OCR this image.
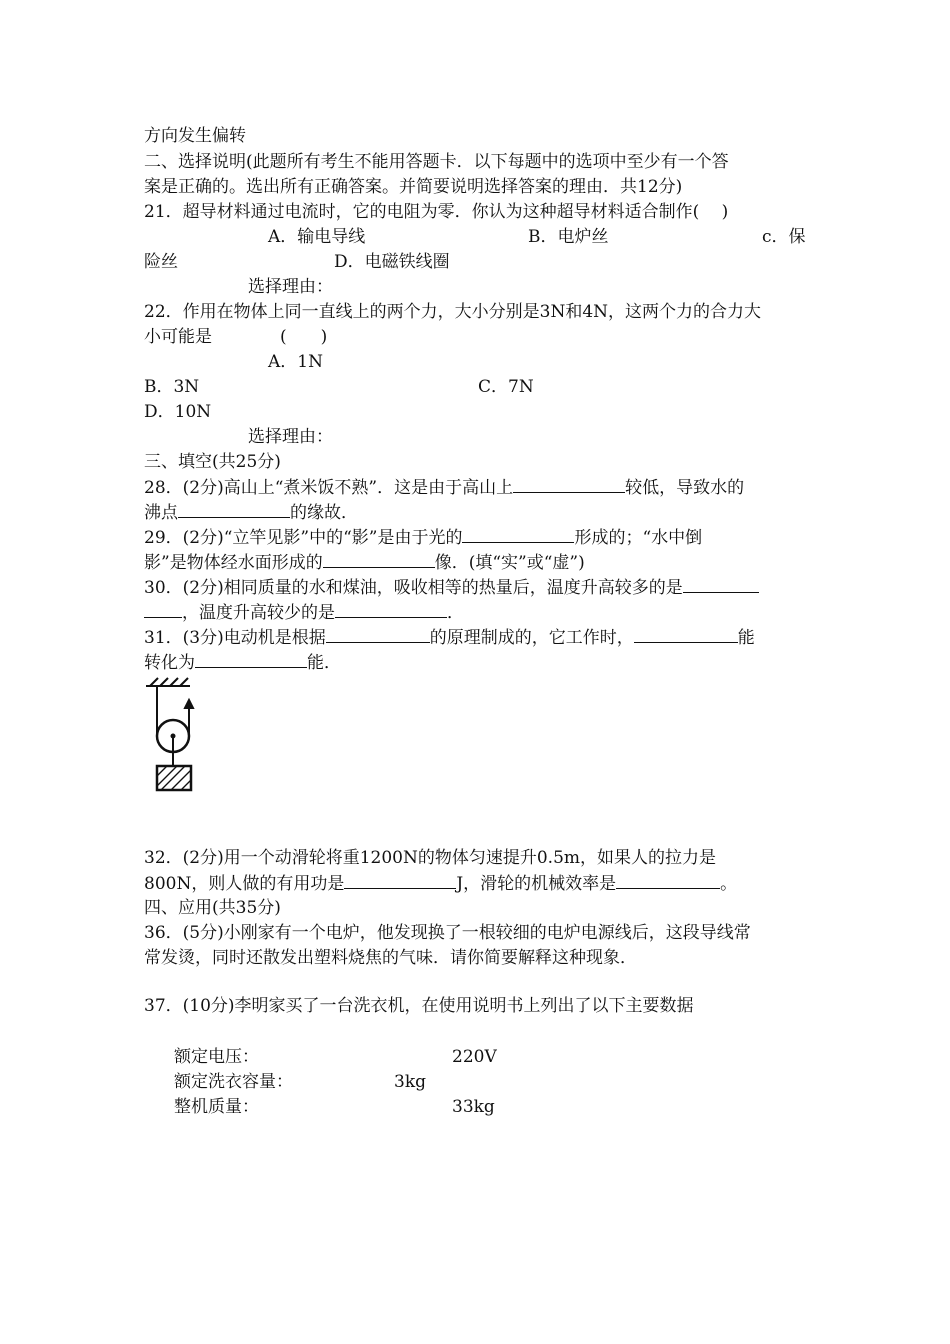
方向发生偏转
二、选择说明(此题所有考生不能用答题卡．以下每题中的选项中至少有一个答
案是正确的。选出所有正确答案。并简要说明选择答案的理由．共12分)
21．超导材料通过电流时，它的电阻为零．你认为这种超导材料适合制作(　 )
A．输电导线	B．电炉丝	c．保
险丝	D．电磁铁线圈
选择理由：
22．作用在物体上同一直线上的两个力，大小分别是3N和4N，这两个力的合力大
小可能是　　　　(　　)
A．1N
B．3N	C．7N
D．10N
选择理由：
三、填空(共25分)
28．(2分)高山上“煮米饭不熟”．这是由于高山上	较低，导致水的
沸点	的缘故．
29．(2分)“立竿见影”中的“影”是由于光的	形成的；“水中倒
影”是物体经水面形成的	像．(填“实”或“虚”)
30．(2分)相同质量的水和煤油，吸收相等的热量后，温度升高较多的是
，温度升高较少的是	．
31．(3分)电动机是根据	的原理制成的，它工作时，	能
转化为	能．
32．(2分)用一个动滑轮将重1200N的物体匀速提升0.5m，如果人的拉力是
800N，则人做的有用功是	J，滑轮的机械效率是	。
四、应用(共35分)
36．(5分)小刚家有一个电炉，他发现换了一根较细的电炉电源线后，这段导线常
常发烫，同时还散发出塑料烧焦的气味．请你简要解释这种现象．
37．(10分)李明家买了一台洗衣机，在使用说明书上列出了以下主要数据
额定电压：	220V
额定洗衣容量：	3kg
整机质量：	33kg
